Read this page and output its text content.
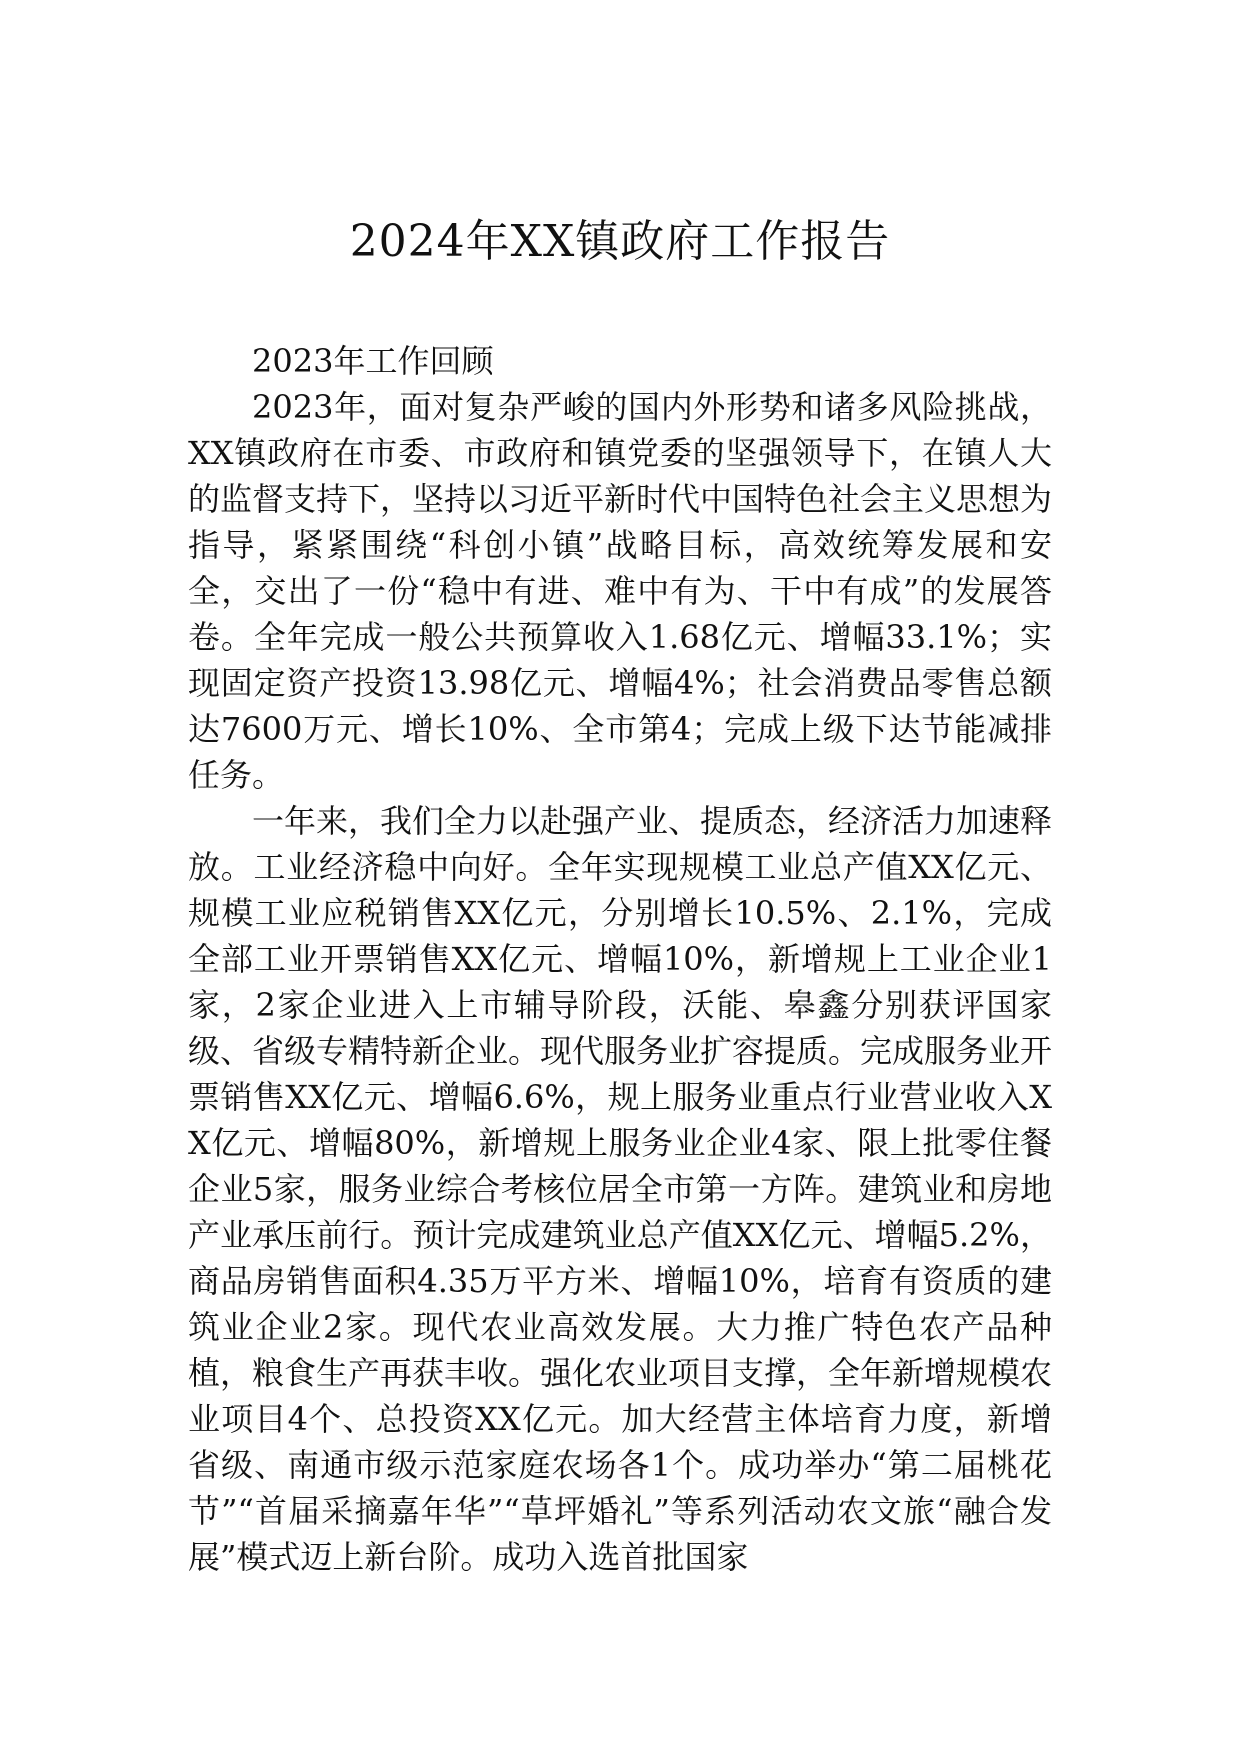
2024年XX镇政府工作报告

2023年工作回顾

2023年，面对复杂严峻的国内外形势和诸多风险挑战，XX镇政府在市委、市政府和镇党委的坚强领导下，在镇人大的监督支持下，坚持以习近平新时代中国特色社会主义思想为指导，紧紧围绕“科创小镇”战略目标，高效统筹发展和安全，交出了一份“稳中有进、难中有为、干中有成”的发展答卷。全年完成一般公共预算收入1.68亿元、增幅33.1%；实现固定资产投资13.98亿元、增幅4%；社会消费品零售总额达7600万元、增长10%、全市第4；完成上级下达节能减排任务。

一年来，我们全力以赴强产业、提质态，经济活力加速释放。工业经济稳中向好。全年实现规模工业总产值XX亿元、规模工业应税销售XX亿元，分别增长10.5%、2.1%，完成全部工业开票销售XX亿元、增幅10%，新增规上工业企业1家，2家企业进入上市辅导阶段，沃能、皋鑫分别获评国家级、省级专精特新企业。现代服务业扩容提质。完成服务业开票销售XX亿元、增幅6.6%，规上服务业重点行业营业收入XX亿元、增幅80%，新增规上服务业企业4家、限上批零住餐企业5家，服务业综合考核位居全市第一方阵。建筑业和房地产业承压前行。预计完成建筑业总产值XX亿元、增幅5.2%，商品房销售面积4.35万平方米、增幅10%，培育有资质的建筑业企业2家。现代农业高效发展。大力推广特色农产品种植，粮食生产再获丰收。强化农业项目支撑，全年新增规模农业项目4个、总投资XX亿元。加大经营主体培育力度，新增省级、南通市级示范家庭农场各1个。成功举办“第二届桃花节”“首届采摘嘉年华”“草坪婚礼”等系列活动农文旅“融合发展”模式迈上新台阶。成功入选首批国家
